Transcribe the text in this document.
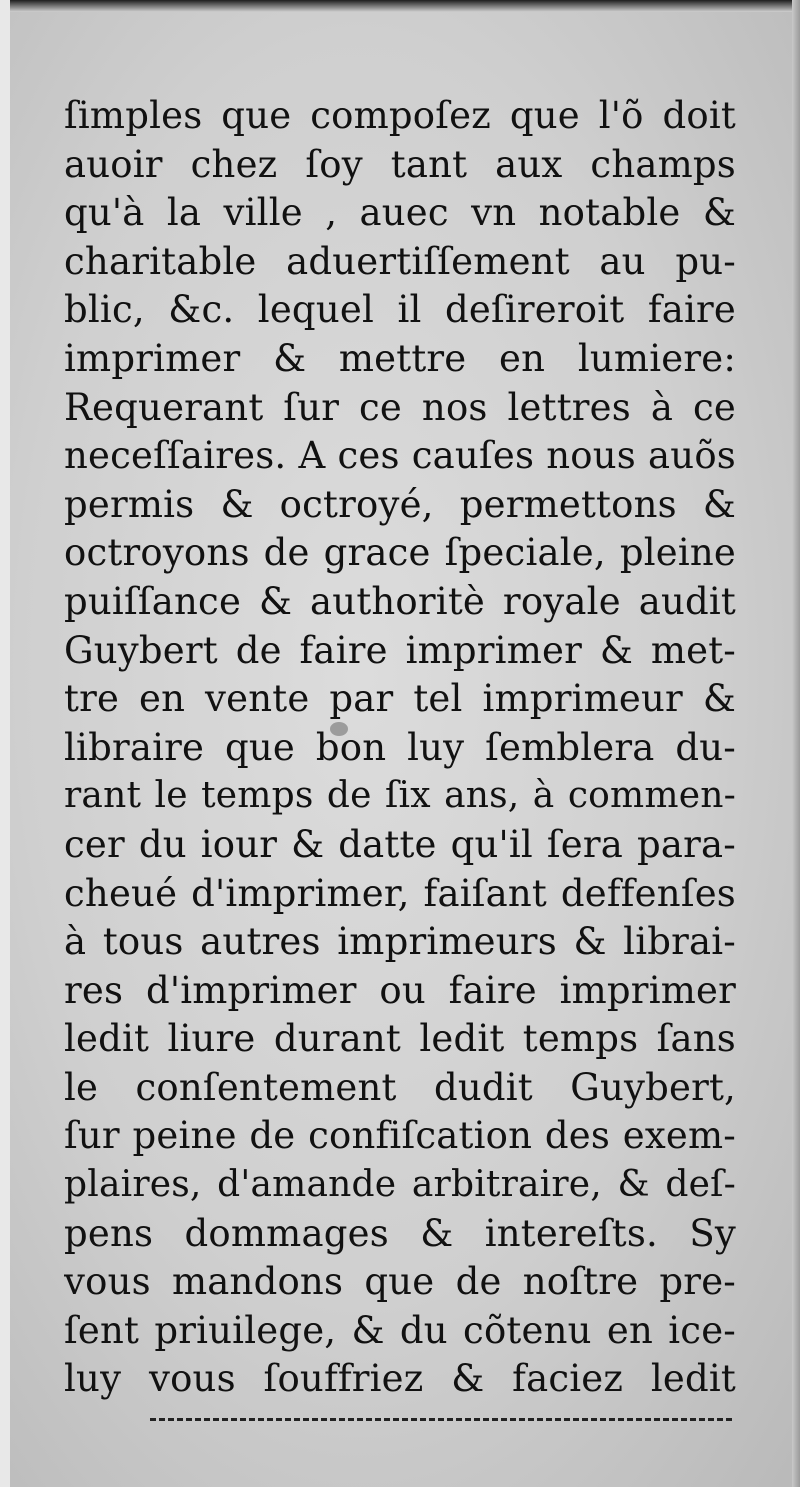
ſimples que compoſez que l'õ doit
auoir chez ſoy tant aux champs
qu'à la ville , auec vn notable &
charitable aduertiſſement au pu-
blic, &c. lequel il deſireroit faire
imprimer & mettre en lumiere:
Requerant ſur ce nos lettres à ce
neceſſaires. A ces cauſes nous auõs
permis & octroyé, permettons &
octroyons de grace ſpeciale, pleine
puiſſance & authoritè royale audit
Guybert de faire imprimer & met-
tre en vente par tel imprimeur &
libraire que bon luy ſemblera du-
rant le temps de ſix ans, à commen-
cer du iour & datte qu'il ſera para-
cheué d'imprimer, faiſant deffenſes
à tous autres imprimeurs & librai-
res d'imprimer ou faire imprimer
ledit liure durant ledit temps ſans
le conſentement dudit Guybert,
ſur peine de confiſcation des exem-
plaires, d'amande arbitraire, & deſ-
pens dommages & intereſts. Sy
vous mandons que de noſtre pre-
ſent priuilege, & du cõtenu en ice-
luy vous ſouffriez & faciez ledit
